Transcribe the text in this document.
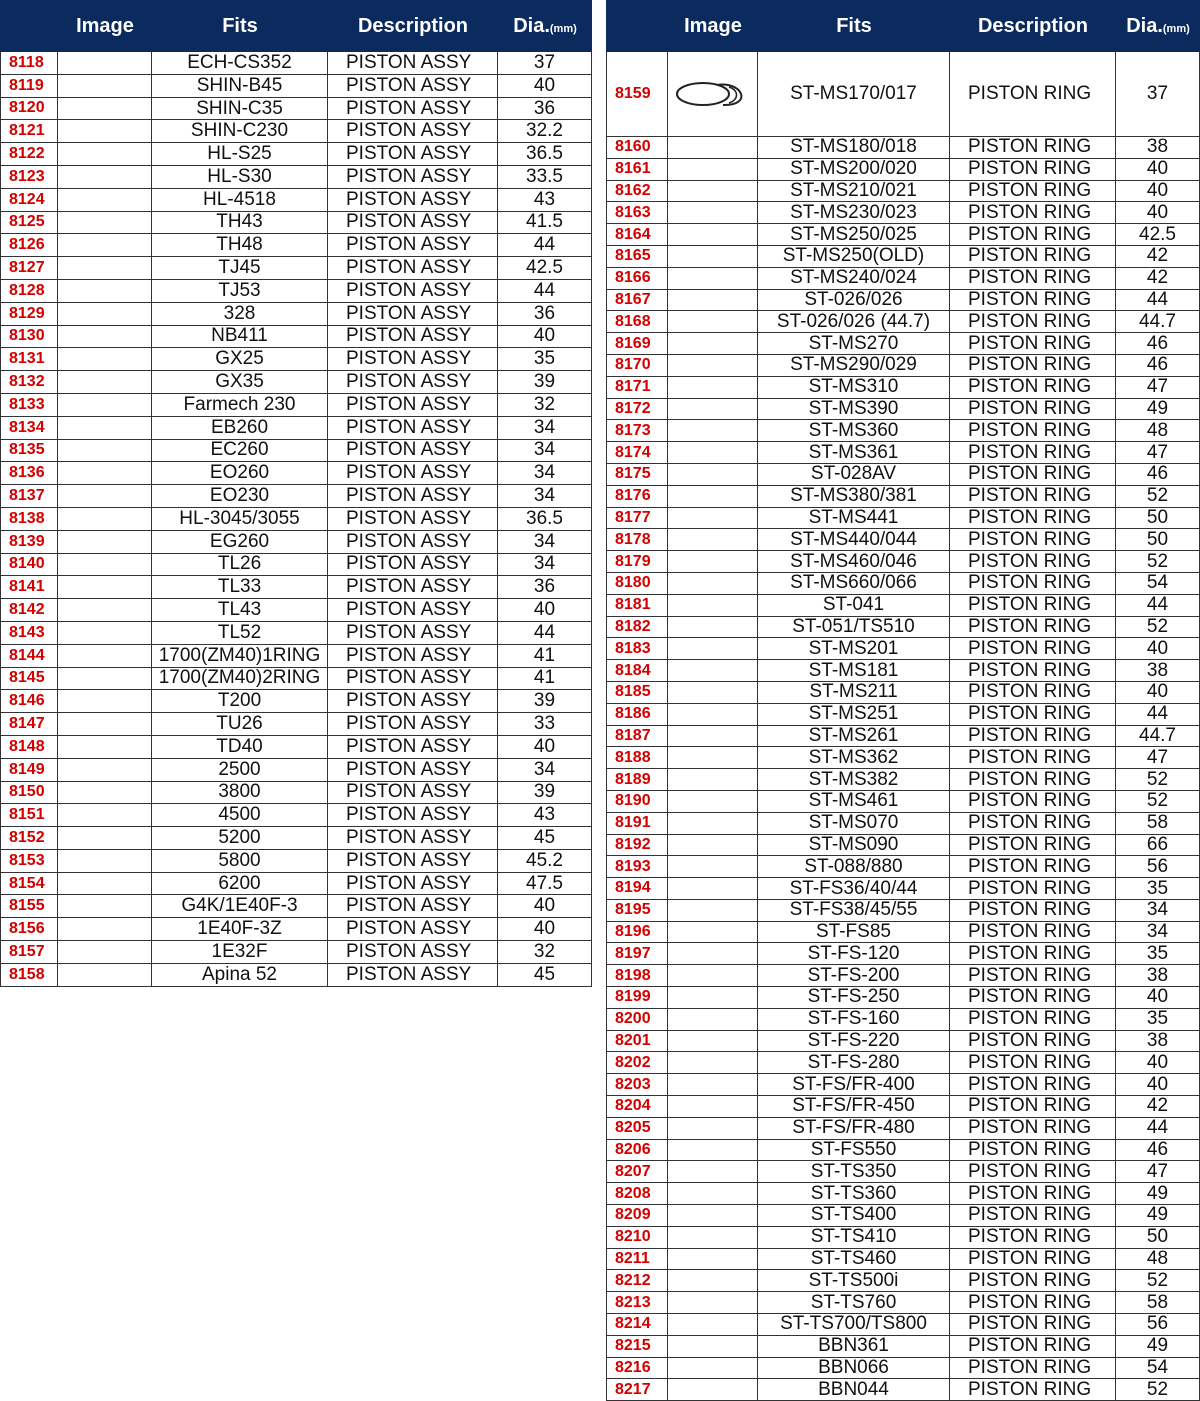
Image	Fits	Description	Dia.(mm)
8118	ECH-CS352	PISTON ASSY	37
8119	SHIN-B45	PISTON ASSY	40
8120	SHIN-C35	PISTON ASSY	36
8121	SHIN-C230	PISTON ASSY	32.2
8122	HL-S25	PISTON ASSY	36.5
8123	HL-S30	PISTON ASSY	33.5
8124	HL-4518	PISTON ASSY	43
8125	TH43	PISTON ASSY	41.5
8126	TH48	PISTON ASSY	44
8127	TJ45	PISTON ASSY	42.5
8128	TJ53	PISTON ASSY	44
8129	328	PISTON ASSY	36
8130	NB411	PISTON ASSY	40
8131	GX25	PISTON ASSY	35
8132	GX35	PISTON ASSY	39
8133	Farmech 230	PISTON ASSY	32
8134	EB260	PISTON ASSY	34
8135	EC260	PISTON ASSY	34
8136	EO260	PISTON ASSY	34
8137	EO230	PISTON ASSY	34
8138	HL-3045/3055	PISTON ASSY	36.5
8139	EG260	PISTON ASSY	34
8140	TL26	PISTON ASSY	34
8141	TL33	PISTON ASSY	36
8142	TL43	PISTON ASSY	40
8143	TL52	PISTON ASSY	44
8144	1700(ZM40)1RING	PISTON ASSY	41
8145	1700(ZM40)2RING	PISTON ASSY	41
8146	T200	PISTON ASSY	39
8147	TU26	PISTON ASSY	33
8148	TD40	PISTON ASSY	40
8149	2500	PISTON ASSY	34
8150	3800	PISTON ASSY	39
8151	4500	PISTON ASSY	43
8152	5200	PISTON ASSY	45
8153	5800	PISTON ASSY	45.2
8154	6200	PISTON ASSY	47.5
8155	G4K/1E40F-3	PISTON ASSY	40
8156	1E40F-3Z	PISTON ASSY	40
8157	1E32F	PISTON ASSY	32
8158	Apina 52	PISTON ASSY	45
Image	Fits	Description	Dia.(mm)
8159	ST-MS170/017	PISTON RING	37
8160	ST-MS180/018	PISTON RING	38
8161	ST-MS200/020	PISTON RING	40
8162	ST-MS210/021	PISTON RING	40
8163	ST-MS230/023	PISTON RING	40
8164	ST-MS250/025	PISTON RING	42.5
8165	ST-MS250(OLD)	PISTON RING	42
8166	ST-MS240/024	PISTON RING	42
8167	ST-026/026	PISTON RING	44
8168	ST-026/026 (44.7)	PISTON RING	44.7
8169	ST-MS270	PISTON RING	46
8170	ST-MS290/029	PISTON RING	46
8171	ST-MS310	PISTON RING	47
8172	ST-MS390	PISTON RING	49
8173	ST-MS360	PISTON RING	48
8174	ST-MS361	PISTON RING	47
8175	ST-028AV	PISTON RING	46
8176	ST-MS380/381	PISTON RING	52
8177	ST-MS441	PISTON RING	50
8178	ST-MS440/044	PISTON RING	50
8179	ST-MS460/046	PISTON RING	52
8180	ST-MS660/066	PISTON RING	54
8181	ST-041	PISTON RING	44
8182	ST-051/TS510	PISTON RING	52
8183	ST-MS201	PISTON RING	40
8184	ST-MS181	PISTON RING	38
8185	ST-MS211	PISTON RING	40
8186	ST-MS251	PISTON RING	44
8187	ST-MS261	PISTON RING	44.7
8188	ST-MS362	PISTON RING	47
8189	ST-MS382	PISTON RING	52
8190	ST-MS461	PISTON RING	52
8191	ST-MS070	PISTON RING	58
8192	ST-MS090	PISTON RING	66
8193	ST-088/880	PISTON RING	56
8194	ST-FS36/40/44	PISTON RING	35
8195	ST-FS38/45/55	PISTON RING	34
8196	ST-FS85	PISTON RING	34
8197	ST-FS-120	PISTON RING	35
8198	ST-FS-200	PISTON RING	38
8199	ST-FS-250	PISTON RING	40
8200	ST-FS-160	PISTON RING	35
8201	ST-FS-220	PISTON RING	38
8202	ST-FS-280	PISTON RING	40
8203	ST-FS/FR-400	PISTON RING	40
8204	ST-FS/FR-450	PISTON RING	42
8205	ST-FS/FR-480	PISTON RING	44
8206	ST-FS550	PISTON RING	46
8207	ST-TS350	PISTON RING	47
8208	ST-TS360	PISTON RING	49
8209	ST-TS400	PISTON RING	49
8210	ST-TS410	PISTON RING	50
8211	ST-TS460	PISTON RING	48
8212	ST-TS500i	PISTON RING	52
8213	ST-TS760	PISTON RING	58
8214	ST-TS700/TS800	PISTON RING	56
8215	BBN361	PISTON RING	49
8216	BBN066	PISTON RING	54
8217	BBN044	PISTON RING	52
